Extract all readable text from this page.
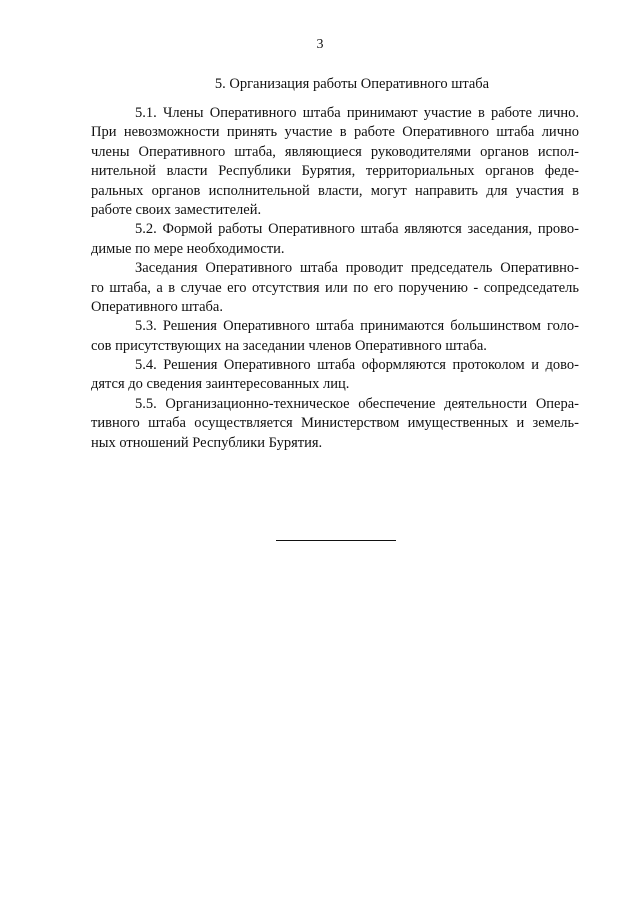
3
5. Организация работы Оперативного штаба

5.1. Члены Оперативного штаба принимают участие в работе лично.
При невозможности принять участие в работе Оперативного штаба лично
члены Оперативного штаба, являющиеся руководителями органов испол-
нительной власти Республики Бурятия, территориальных органов феде-
ральных органов исполнительной власти, могут направить для участия в
работе своих заместителей.

5.2. Формой работы Оперативного штаба являются заседания, прово-
димые по мере необходимости.

Заседания Оперативного штаба проводит председатель Оперативно-
го штаба, а в случае его отсутствия или по его поручению - сопредседатель
Оперативного штаба.

5.3. Решения Оперативного штаба принимаются большинством голо-
сов присутствующих на заседании членов Оперативного штаба.

5.4. Решения Оперативного штаба оформляются протоколом и дово-
дятся до сведения заинтересованных лиц.

5.5. Организационно-техническое обеспечение деятельности Опера-
тивного штаба осуществляется Министерством имущественных и земель-
ных отношений Республики Бурятия.
